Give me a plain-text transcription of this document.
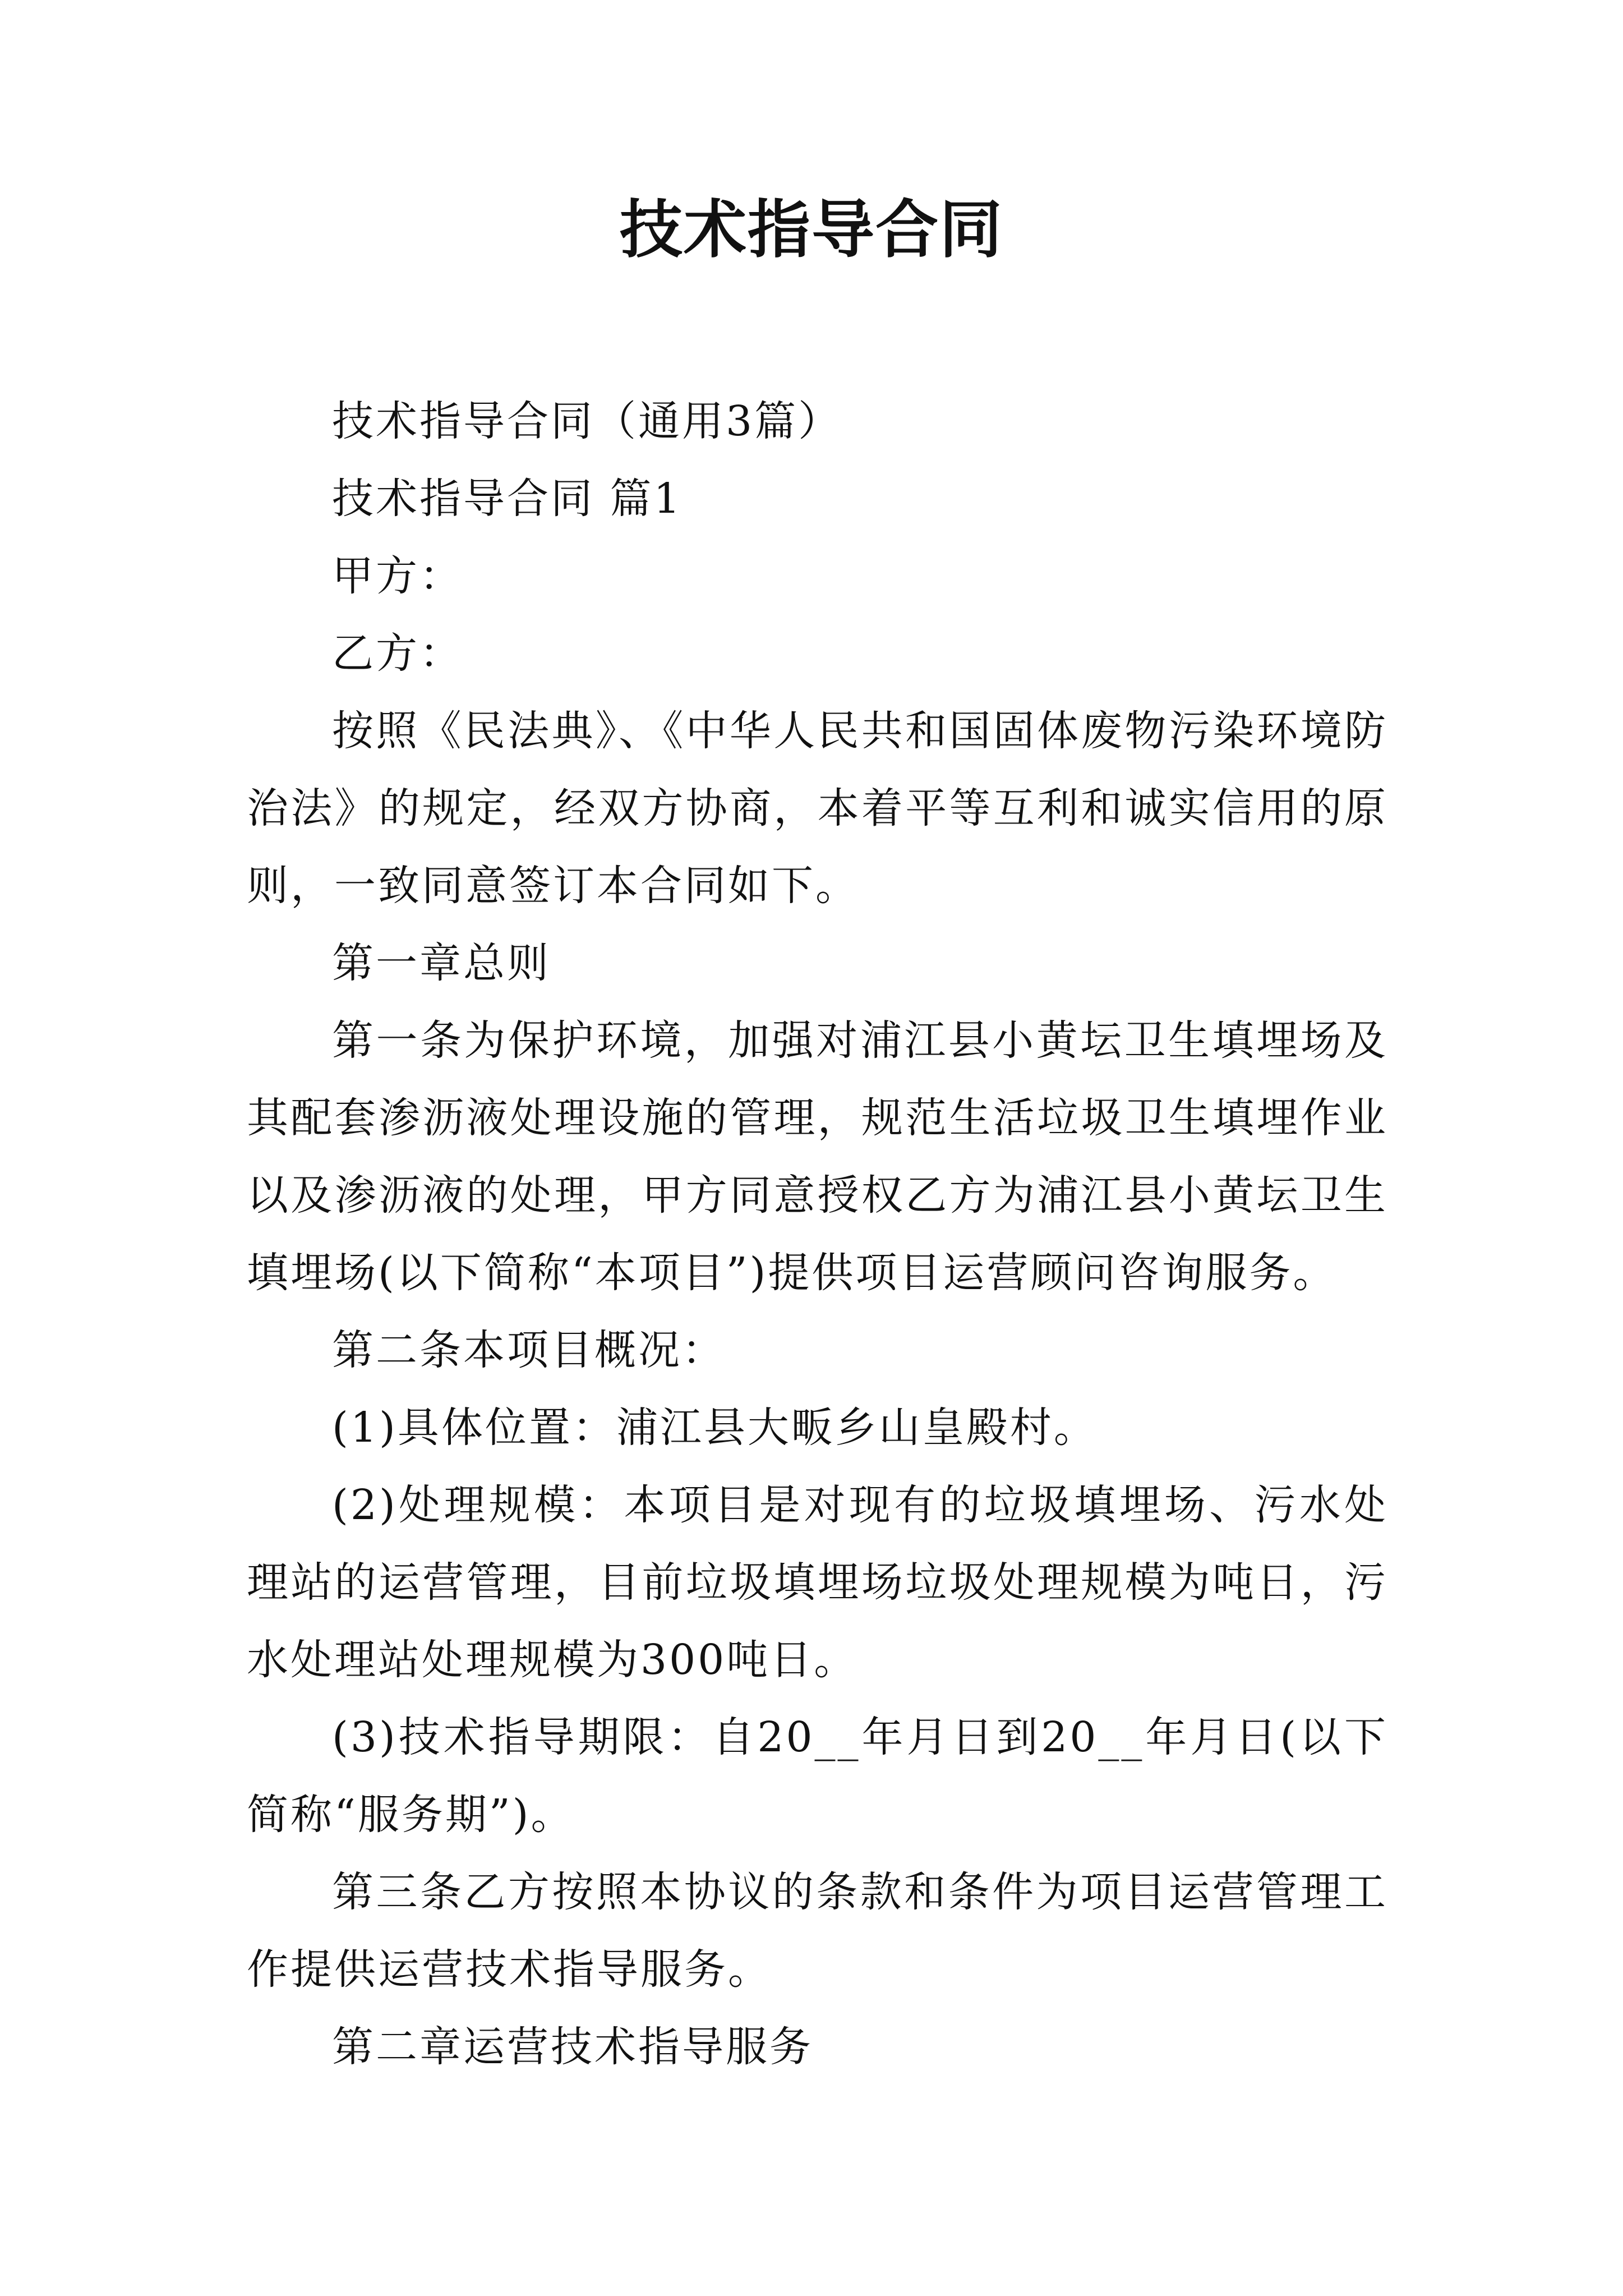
技术指导合同

技术指导合同（通用3篇）

技术指导合同 篇1

甲方：

乙方：

按照《民法典》、《中华人民共和国固体废物污染环境防治法》的规定，经双方协商，本着平等互利和诚实信用的原则，一致同意签订本合同如下。

第一章总则

第一条为保护环境，加强对浦江县小黄坛卫生填埋场及其配套渗沥液处理设施的管理，规范生活垃圾卫生填埋作业以及渗沥液的处理，甲方同意授权乙方为浦江县小黄坛卫生填埋场(以下简称“本项目”)提供项目运营顾问咨询服务。

第二条本项目概况：

(1)具体位置：浦江县大畈乡山皇殿村。

(2)处理规模：本项目是对现有的垃圾填埋场、污水处理站的运营管理，目前垃圾填埋场垃圾处理规模为吨日，污水处理站处理规模为300吨日。

(3)技术指导期限：自20__年月日到20__年月日(以下简称“服务期”)。

第三条乙方按照本协议的条款和条件为项目运营管理工作提供运营技术指导服务。

第二章运营技术指导服务
